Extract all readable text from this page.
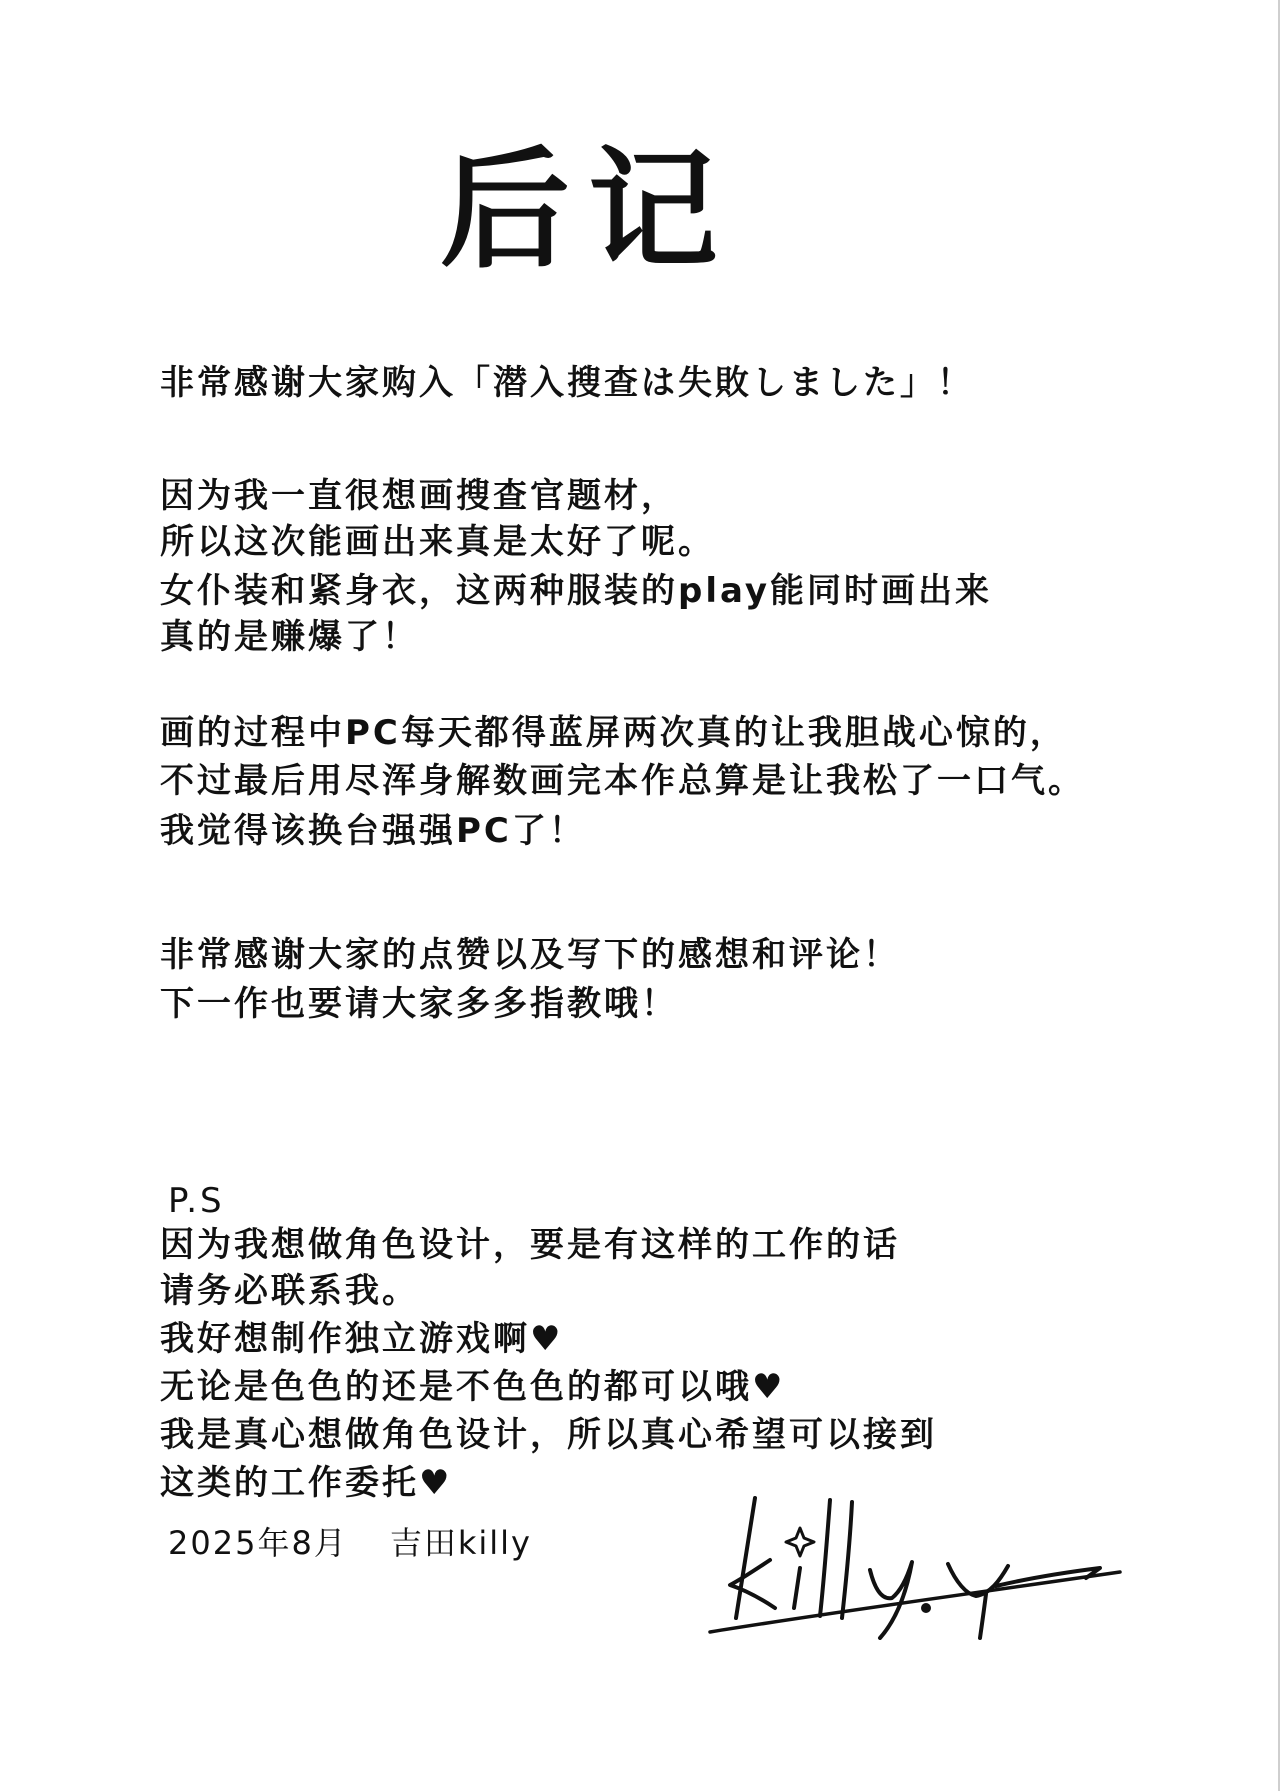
后记
非常感谢大家购入「潜入搜查は失敗しました」！
因为我一直很想画搜查官题材，
所以这次能画出来真是太好了呢。
女仆装和紧身衣，这两种服装的play能同时画出来
真的是赚爆了！
画的过程中PC每天都得蓝屏两次真的让我胆战心惊的，
不过最后用尽浑身解数画完本作总算是让我松了一口气。
我觉得该换台强强PC了！
非常感谢大家的点赞以及写下的感想和评论！
下一作也要请大家多多指教哦！
P.S
因为我想做角色设计，要是有这样的工作的话
请务必联系我。
我好想制作独立游戏啊♥
无论是色色的还是不色色的都可以哦♥
我是真心想做角色设计，所以真心希望可以接到
这类的工作委托♥
2025年8月 吉田killy
